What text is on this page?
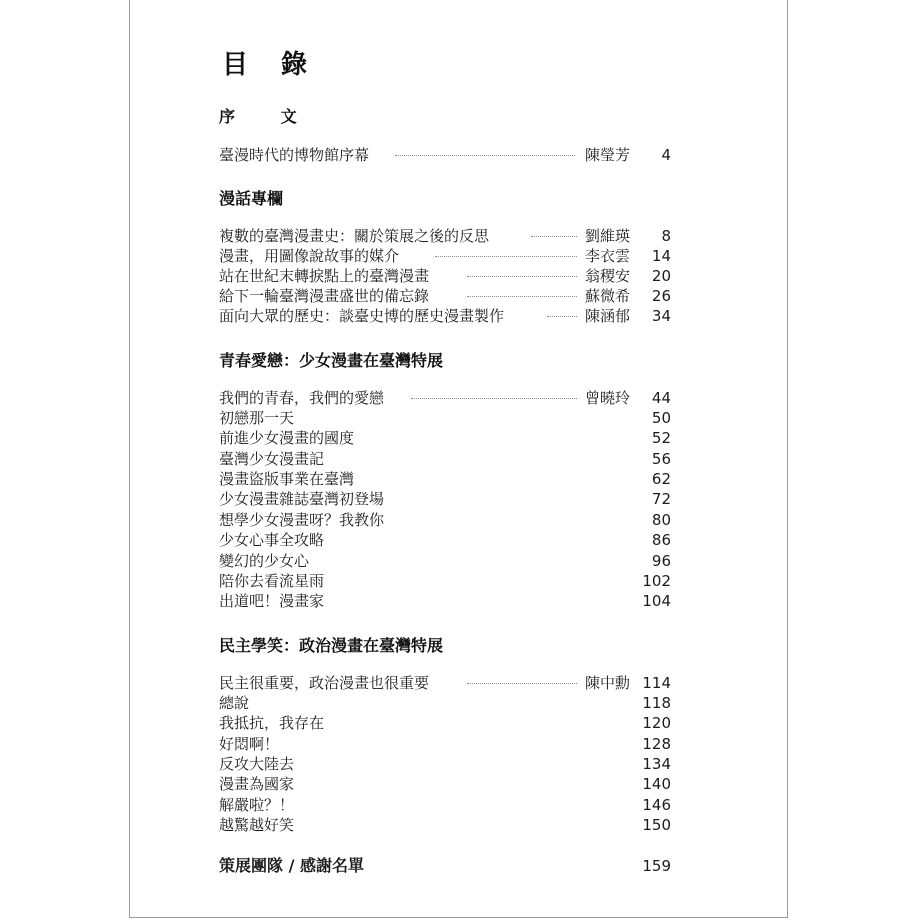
目 錄
序 文
臺漫時代的博物館序幕	陳瑩芳	4
漫話專欄
複數的臺灣漫畫史：關於策展之後的反思	劉維瑛	8
漫畫，用圖像說故事的媒介	李衣雲	14
站在世紀末轉捩點上的臺灣漫畫	翁稷安	20
給下一輪臺灣漫畫盛世的備忘錄	蘇微希	26
面向大眾的歷史：談臺史博的歷史漫畫製作	陳涵郁	34
青春愛戀：少女漫畫在臺灣特展
我們的青春，我們的愛戀	曾曉玲	44
初戀那一天	50
前進少女漫畫的國度	52
臺灣少女漫畫記	56
漫畫盜版事業在臺灣	62
少女漫畫雜誌臺灣初登場	72
想學少女漫畫呀？我教你	80
少女心事全攻略	86
變幻的少女心	96
陪你去看流星雨	102
出道吧！漫畫家	104
民主學笑：政治漫畫在臺灣特展
民主很重要，政治漫畫也很重要	陳中勳 114
總說	118
我抵抗，我存在	120
好悶啊！	128
反攻大陸去	134
漫畫為國家	140
解嚴啦？！	146
越驚越好笑	150
策展團隊 / 感謝名單	159
